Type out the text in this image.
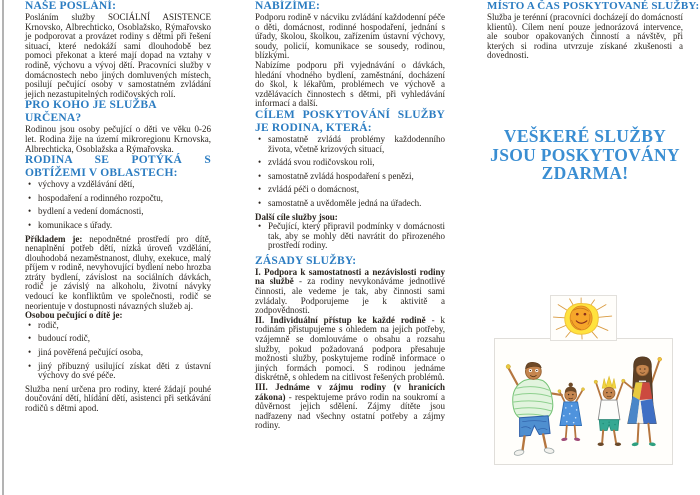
NAŠE POSLÁNÍ:

Posláním služby SOCIÁLNÍ ASISTENCE Krnovsko, Albrechticko, Osoblažsko, Rýmařovsko je podporovat a provázet rodiny s dětmi při řešení situací, které nedokáží sami dlouhodobě bez pomoci překonat a které mají dopad na vztahy v rodině, výchovu a vývoj dětí. Pracovníci služby v domácnostech nebo jiných domluvených místech, posilují pečující osoby v samostatném zvládání jejich nezastupitelných rodičovských rolí.

PRO KOHO JE SLUŽBA URČENA?

Rodinou jsou osoby pečující o děti ve věku 0-26 let. Rodina žije na území mikroregionu Krnovska, Albrechticka, Osoblažska a Rýmařovska.

RODINA SE POTÝKÁ S OBTÍŽEMI V OBLASTECH:
• výchovy a vzdělávání dětí,
• hospodaření a rodinného rozpočtu,
• bydlení a vedení domácnosti,
• komunikace s úřady.

Příkladem je: nepodnětné prostředí pro dítě, nenaplnění potřeb dětí, nízká úroveň vzdělání, dlouhodobá nezaměstnanost, dluhy, exekuce, malý příjem v rodině, nevyhovující bydlení nebo hrozba ztráty bydlení, závislost na sociálních dávkách, rodič je závislý na alkoholu, životní návyky vedoucí ke konfliktům ve společnosti, rodič se neorientuje v dostupnosti návazných služeb aj.

Osobou pečující o dítě je:

• rodič,
• budoucí rodič,
• jiná pověřená pečující osoba,
• jiný příbuzný usilující získat děti z ústavní výchovy do své péče.

Služba není určena pro rodiny, které žádají pouhé doučování dětí, hlídání dětí, asistenci při setkávání rodičů s dětmi apod.

NABÍZÍME:

Podporu rodině v nácviku zvládání každodenní péče o děti, domácnost, rodinné hospodaření, jednání s úřady, školou, školkou, zařízením ústavní výchovy, soudy, policií, komunikace se sousedy, rodinou, blízkými.

Nabízíme podporu při vyjednávání o dávkách, hledání vhodného bydlení, zaměstnání, docházení do škol, k lékařům, problémech ve výchově a vzdělávacích činnostech s dětmi, při vyhledávání informací a další.

CÍLEM POSKYTOVÁNÍ SLUŽBY JE RODINA, KTERÁ:
• samostatně zvládá problémy každodenního života, včetně krizových situací,
• zvládá svou rodičovskou roli,
• samostatně zvládá hospodaření s penězi,
• zvládá péči o domácnost,
• samostatně a uvědoměle jedná na úřadech.

Další cíle služby jsou:

• Pečující, který připravil podmínky v domácnosti tak, aby se mohly děti navrátit do přirozeného prostředí rodiny.
ZÁSADY SLUŽBY:

I. Podpora k samostatnosti a nezávislosti rodiny na službě - za rodiny nevykonáváme jednotlivé činnosti, ale vedeme je tak, aby činnosti sami zvládaly. Podporujeme je k aktivitě a zodpovědnosti.

II. Individuální přístup ke každé rodině - k rodinám přistupujeme s ohledem na jejich potřeby, vzájemně se domlouváme o obsahu a rozsahu služby, pokud požadovaná podpora přesahuje možnosti služby, poskytujeme rodině informace o jiných formách pomoci. S rodinou jednáme diskrétně, s ohledem na citlivost řešených problémů.

III. Jednáme v zájmu rodiny (v hranicích zákona) - respektujeme právo rodin na soukromí a důvěrnost jejich sdělení. Zájmy dítěte jsou nadřazeny nad všechny ostatní potřeby a zájmy rodiny.

MÍSTO A ČAS POSKYTOVANÉ SLUŽBY:

Služba je terénní (pracovníci docházejí do domácností klientů). Cílem není pouze jednorázová intervence, ale soubor opakovaných činností a návštěv, při kterých si rodina utvrzuje získané zkušenosti a dovednosti.

VEŠKERÉ SLUŽBY
JSOU POSKYTOVÁNY
ZDARMA!
